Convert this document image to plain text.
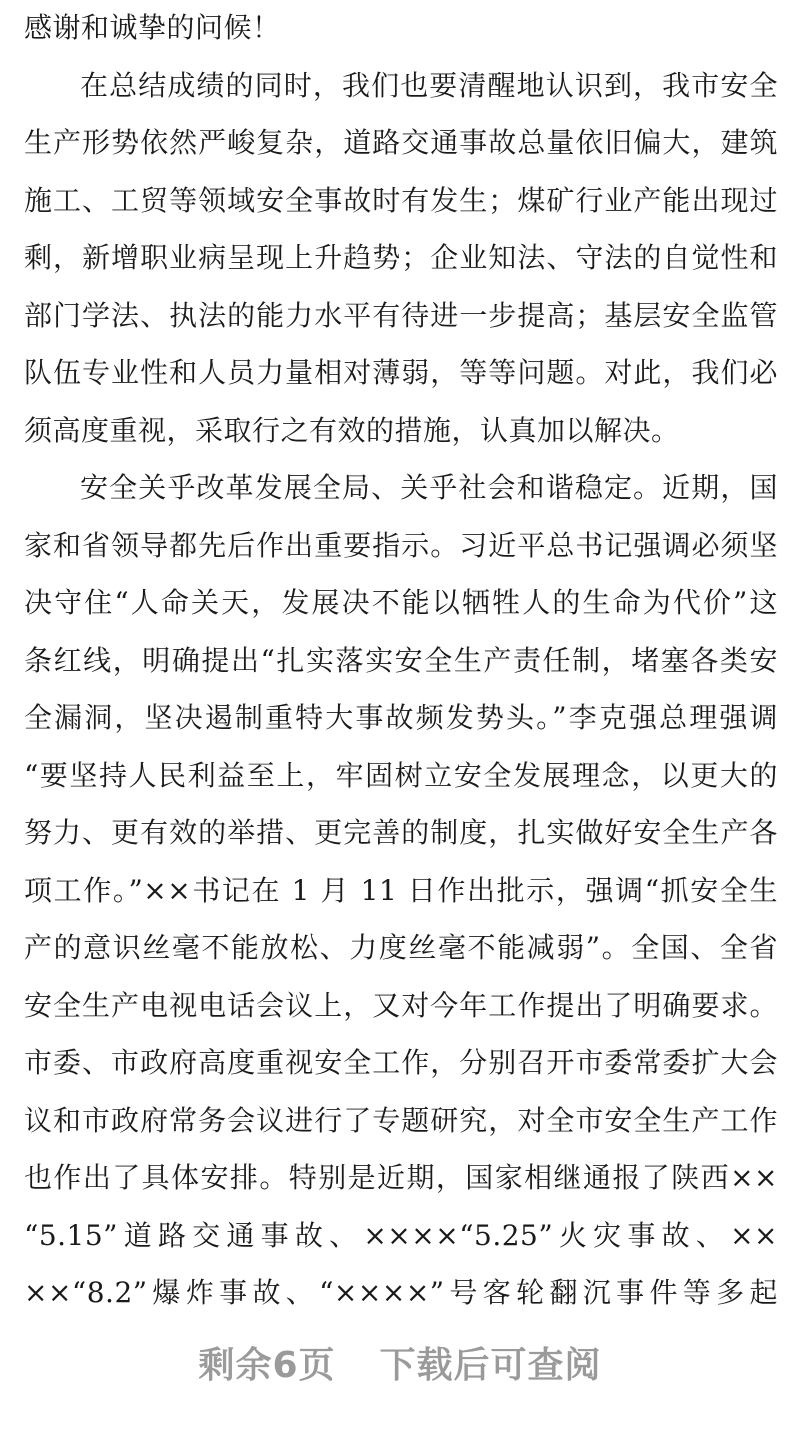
感谢和诚挚的问候！
在总结成绩的同时，我们也要清醒地认识到，我市安全
生产形势依然严峻复杂，道路交通事故总量依旧偏大，建筑
施工、工贸等领域安全事故时有发生；煤矿行业产能出现过
剩，新增职业病呈现上升趋势；企业知法、守法的自觉性和
部门学法、执法的能力水平有待进一步提高；基层安全监管
队伍专业性和人员力量相对薄弱，等等问题。对此，我们必
须高度重视，采取行之有效的措施，认真加以解决。
安全关乎改革发展全局、关乎社会和谐稳定。近期，国
家和省领导都先后作出重要指示。习近平总书记强调必须坚
决守住“人命关天，发展决不能以牺牲人的生命为代价”这
条红线，明确提出“扎实落实安全生产责任制，堵塞各类安
全漏洞，坚决遏制重特大事故频发势头。”李克强总理强调
“要坚持人民利益至上，牢固树立安全发展理念，以更大的
努力、更有效的举措、更完善的制度，扎实做好安全生产各
项工作。”××书记在 1 月 11 日作出批示，强调“抓安全生
产的意识丝毫不能放松、力度丝毫不能减弱”。全国、全省
安全生产电视电话会议上，又对今年工作提出了明确要求。
市委、市政府高度重视安全工作，分别召开市委常委扩大会
议和市政府常务会议进行了专题研究，对全市安全生产工作
也作出了具体安排。特别是近期，国家相继通报了陕西××
“5.15”道路交通事故、××××“5.25”火灾事故、××
××“8.2”爆炸事故、“××××”号客轮翻沉事件等多起
剩余6页 下载后可查阅
